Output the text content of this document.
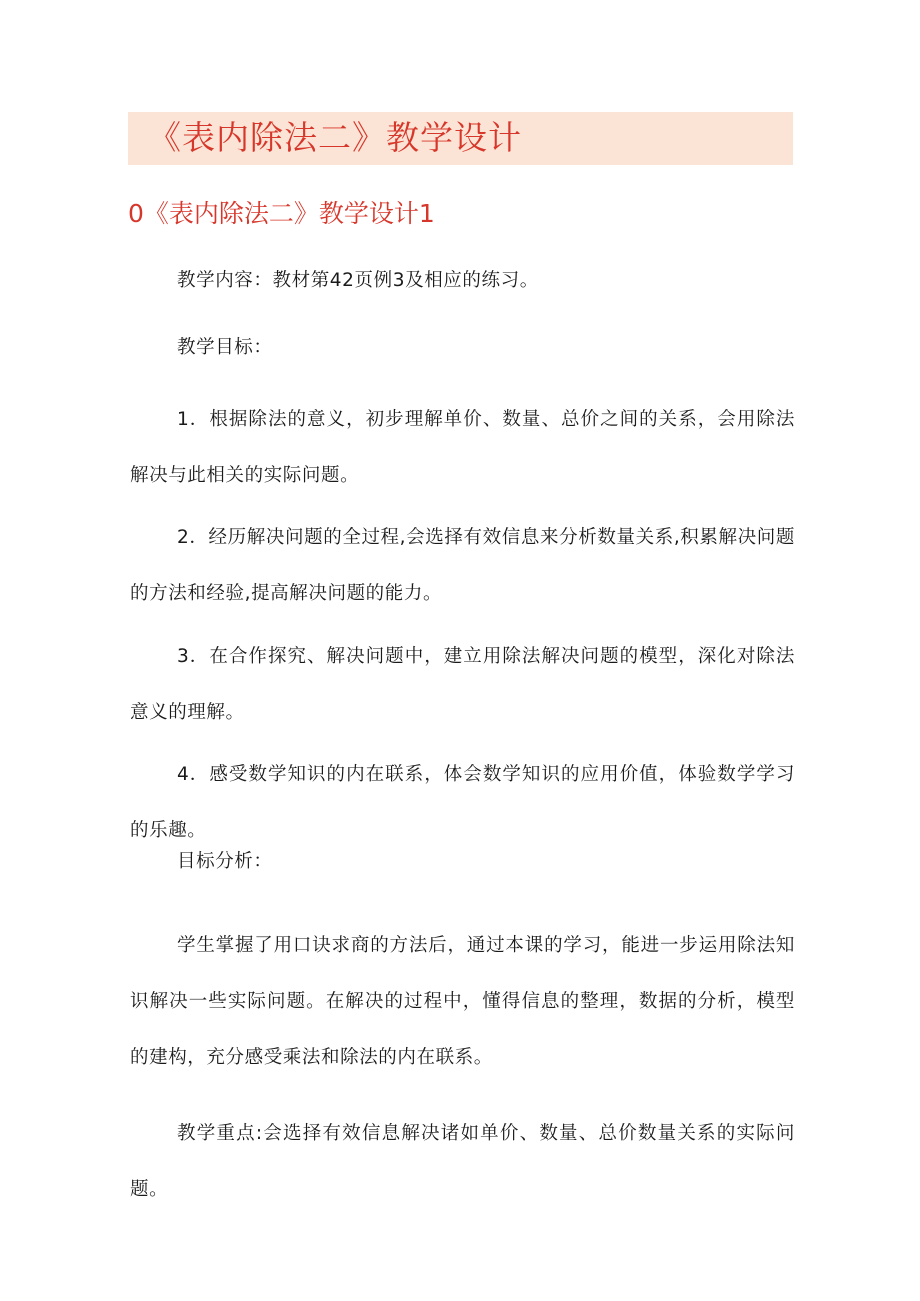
《表内除法二》教学设计
0《表内除法二》教学设计1

教学内容：教材第42页例3及相应的练习。

教学目标：

1．根据除法的意义，初步理解单价、数量、总价之间的关系，会用除法解决与此相关的实际问题。

2．经历解决问题的全过程,会选择有效信息来分析数量关系,积累解决问题的方法和经验,提高解决问题的能力。

3．在合作探究、解决问题中，建立用除法解决问题的模型，深化对除法意义的理解。

4．感受数学知识的内在联系，体会数学知识的应用价值，体验数学学习的乐趣。

目标分析：

学生掌握了用口诀求商的方法后，通过本课的学习，能进一步运用除法知识解决一些实际问题。在解决的过程中，懂得信息的整理，数据的分析，模型的建构，充分感受乘法和除法的内在联系。

教学重点:会选择有效信息解决诸如单价、数量、总价数量关系的实际问题。
